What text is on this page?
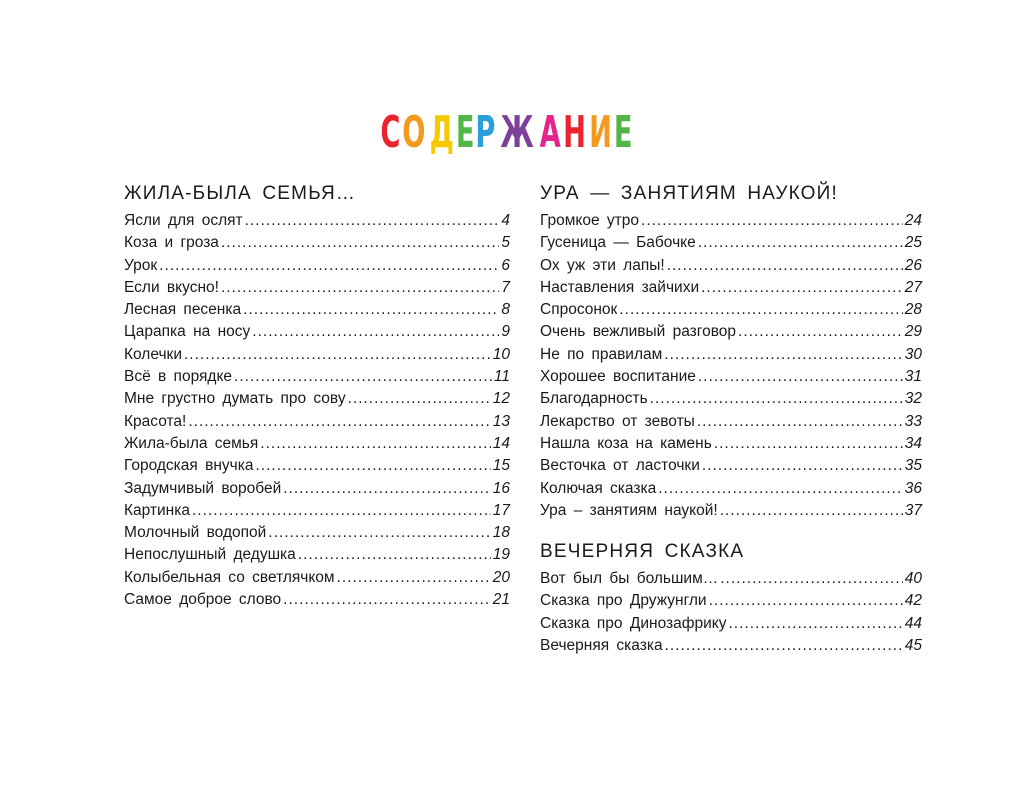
СОДЕР Ж АНИЕ
ЖИЛА-БЫЛА СЕМЬЯ…
Ясли для ослят .....	4
Коза и гроза .....	5
Урок .....	6
Если вкусно! .....	7
Лесная песенка .....	8
Царапка на носу .....	9
Колечки .....	10
Всё в порядке .....	11
Мне грустно думать про сову .....	12
Красота! .....	13
Жила-была семья .....	14
Городская внучка .....	15
Задумчивый воробей .....	16
Картинка .....	17
Молочный водопой .....	18
Непослушный дедушка .....	19
Колыбельная со светлячком .....	20
Самое доброе слово .....	21
УРА — ЗАНЯТИЯМ НАУКОЙ!
Громкое утро .....	24
Гусеница — Бабочке .....	25
Ох уж эти лапы! .....	26
Наставления зайчихи .....	27
Спросонок .....	28
Очень вежливый разговор .....	29
Не по правилам .....	30
Хорошее воспитание .....	31
Благодарность .....	32
Лекарство от зевоты .....	33
Нашла коза на камень .....	34
Весточка от ласточки .....	35
Колючая сказка .....	36
Ура – занятиям наукой! .....	37
ВЕЧЕРНЯЯ СКАЗКА
Вот был бы большим… .....	40
Сказка про Дружунгли .....	42
Сказка про Динозафрику .....	44
Вечерняя сказка .....	45
